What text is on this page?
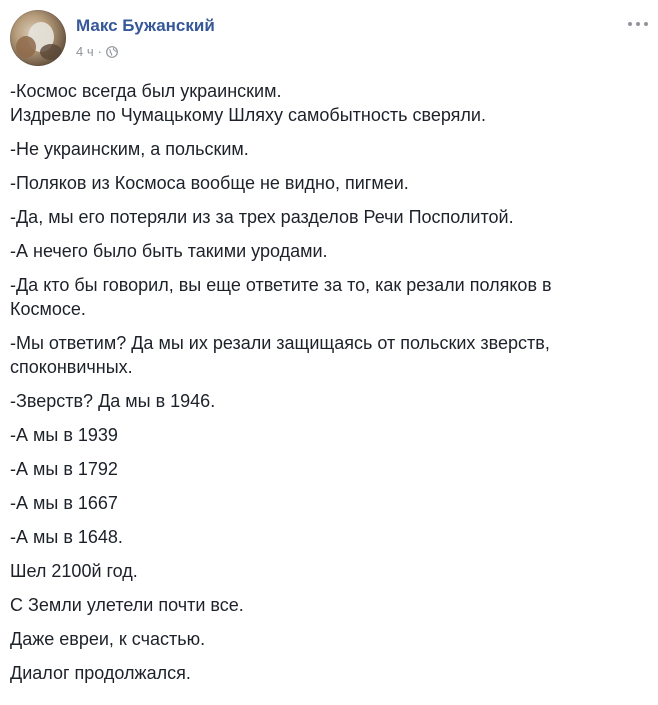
Макс Бужанский
4 ч ·
-Космос всегда был украинским.
Издревле по Чумацькому Шляху самобытность сверяли.
-Не украинским, а польским.
-Поляков из Космоса вообще не видно, пигмеи.
-Да, мы его потеряли из за трех разделов Речи Посполитой.
-А нечего было быть такими уродами.
-Да кто бы говорил, вы еще ответите за то, как резали поляков в
Космосе.
-Мы ответим? Да мы их резали защищаясь от польских зверств,
споконвичных.
-Зверств? Да мы в 1946.
-А мы в 1939
-А мы в 1792
-А мы в 1667
-А мы в 1648.
Шел 2100й год.
С Земли улетели почти все.
Даже евреи, к счастью.
Диалог продолжался.
